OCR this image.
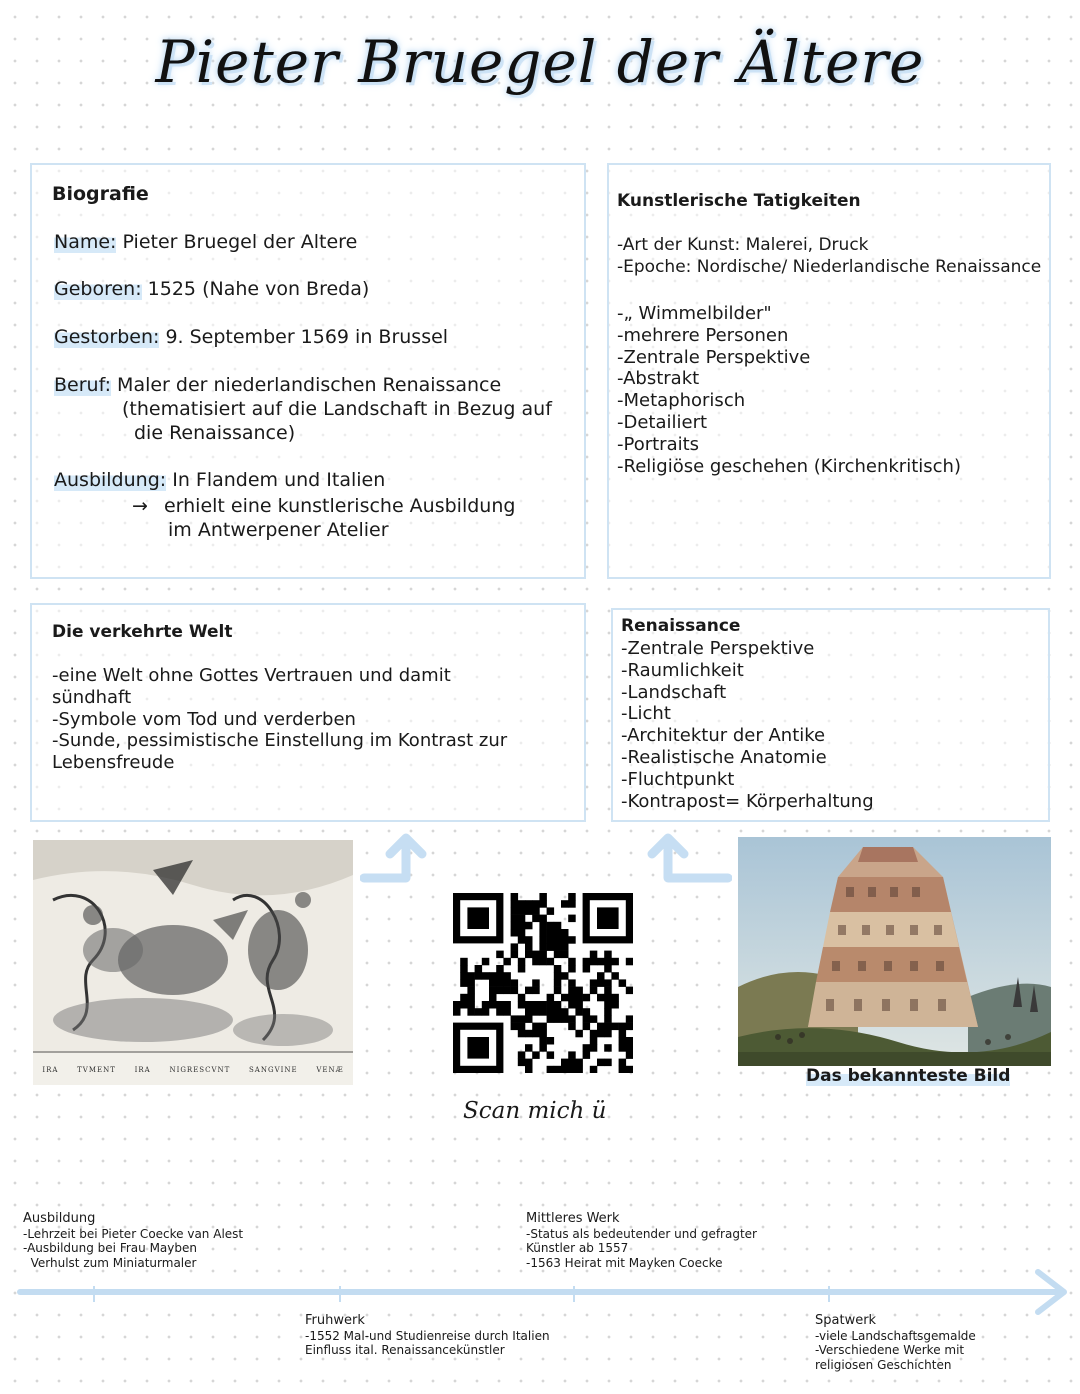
Pieter Bruegel der Ältere
Biografie
Name: Pieter Bruegel der Altere
Geboren: 1525 (Nahe von Breda)
Gestorben: 9. September 1569 in Brussel
Beruf: Maler der niederlandischen Renaissance
(thematisiert auf die Landschaft in Bezug auf
die Renaissance)
Ausbildung: In Flandem und Italien
→ erhielt eine kunstlerische Ausbildung
im Antwerpener Atelier
Kunstlerische Tatigkeiten
-Art der Kunst: Malerei, Druck
-Epoche: Nordische/ Niederlandische Renaissance
-„ Wimmelbilder"
-mehrere Personen
-Zentrale Perspektive
-Abstrakt
-Metaphorisch
-Detailiert
-Portraits
-Religiöse geschehen (Kirchenkritisch)
Die verkehrte Welt
-eine Welt ohne Gottes Vertrauen und damit
sündhaft
-Symbole vom Tod und verderben
-Sunde, pessimistische Einstellung im Kontrast zur
Lebensfreude
Renaissance
-Zentrale Perspektive
-Raumlichkeit
-Landschaft
-Licht
-Architektur der Antike
-Realistische Anatomie
-Fluchtpunkt
-Kontrapost= Körperhaltung
IRA	TVMENT	IRA	NIGRESCVNT	SANGVINE	VENÆ
Scan mich ü
Das bekannteste Bild
Ausbildung
-Lehrzeit bei Pieter Coecke van Alest
-Ausbildung bei Frau Mayben
Verhulst zum Miniaturmaler
Fruhwerk
-1552 Mal-und Studienreise durch Italien
Einfluss ital. Renaissancekünstler
Mittleres Werk
-Status als bedeutender und gefragter
Künstler ab 1557
-1563 Heirat mit Mayken Coecke
Spatwerk
-viele Landschaftsgemalde
-Verschiedene Werke mit
religiosen Geschichten
